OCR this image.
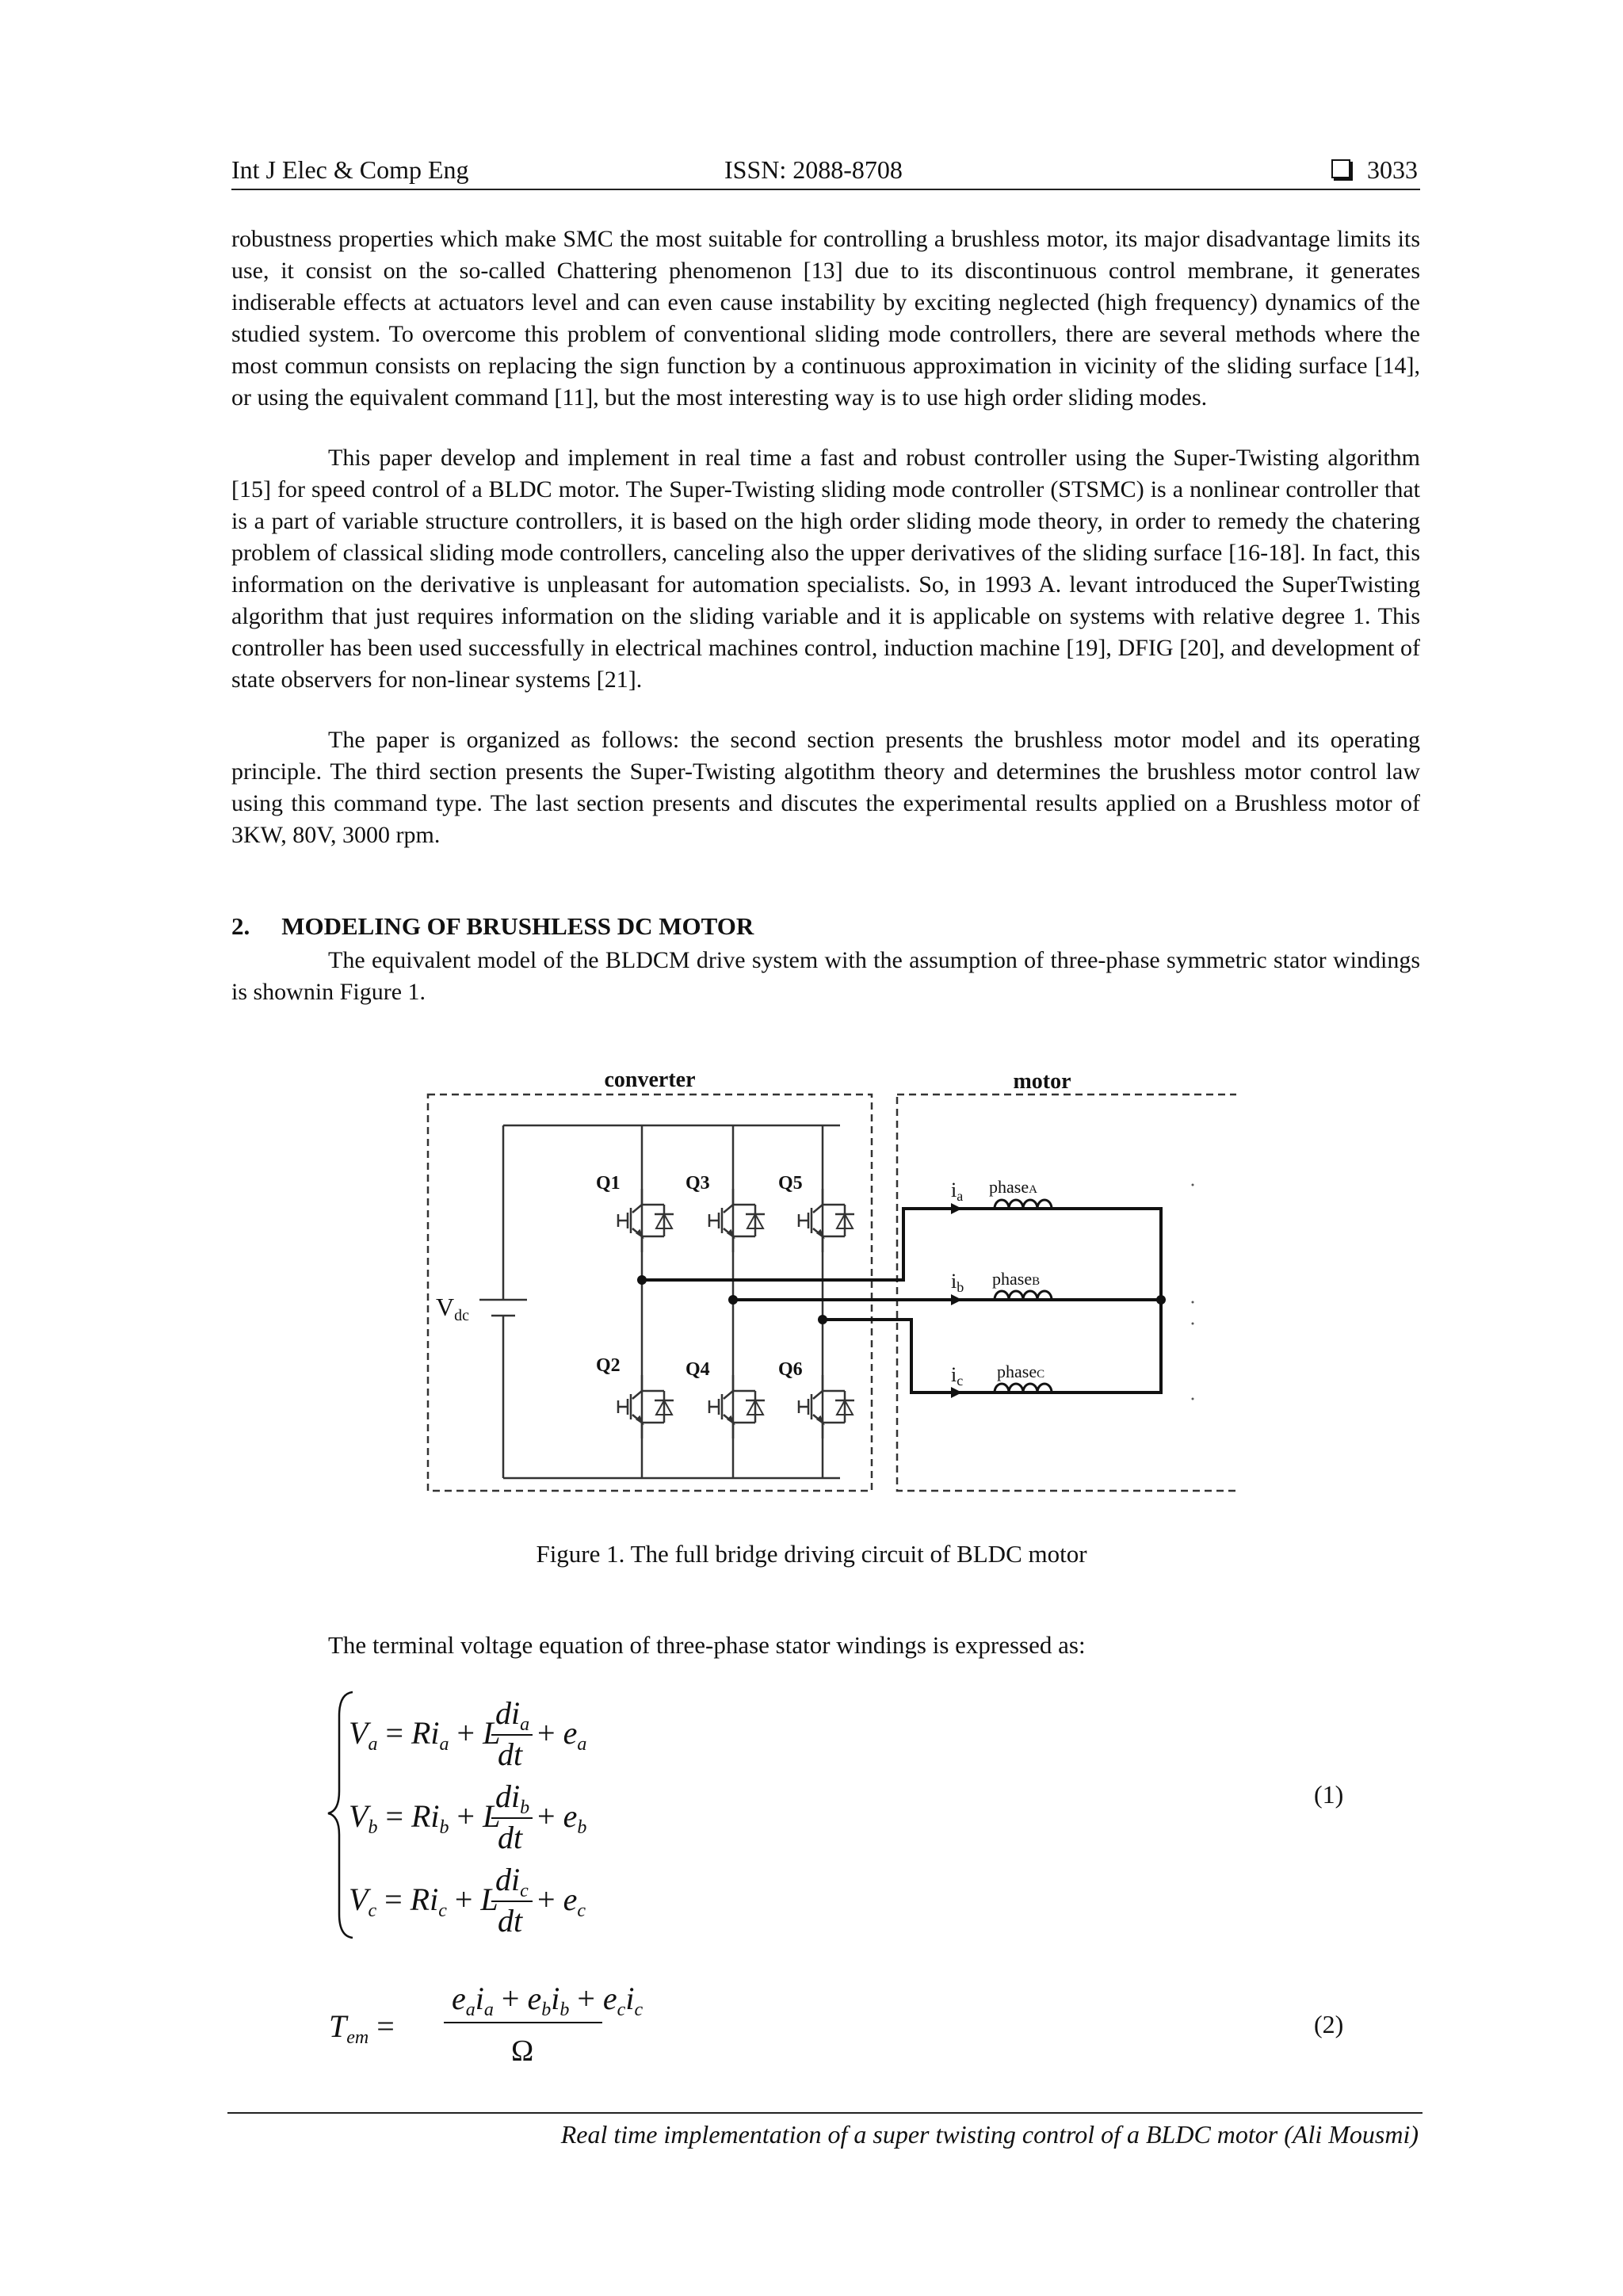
Int J Elec & Comp Eng	ISSN: 2088-8708	3033
robustness properties which make SMC the most suitable for controlling a brushless motor, its major disadvantage limits its use, it consist on the so-called Chattering phenomenon [13] due to its discontinuous control membrane, it generates indiserable effects at actuators level and can even cause instability by exciting neglected (high frequency) dynamics of the studied system. To overcome this problem of conventional sliding mode controllers, there are several methods where the most commun consists on replacing the sign function by a continuous approximation in vicinity of the sliding surface [14], or using the equivalent command [11], but the most interesting way is to use high order sliding modes.
This paper develop and implement in real time a fast and robust controller using the Super-Twisting algorithm [15] for speed control of a BLDC motor. The Super-Twisting sliding mode controller (STSMC) is a nonlinear controller that is a part of variable structure controllers, it is based on the high order sliding mode theory, in order to remedy the chatering problem of classical sliding mode controllers, canceling also the upper derivatives of the sliding surface [16-18]. In fact, this information on the derivative is unpleasant for automation specialists. So, in 1993 A. levant introduced the SuperTwisting algorithm that just requires information on the sliding variable and it is applicable on systems with relative degree 1. This controller has been used successfully in electrical machines control, induction machine [19], DFIG [20], and development of state observers for non-linear systems [21].
The paper is organized as follows: the second section presents the brushless motor model and its operating principle. The third section presents the Super-Twisting algotithm theory and determines the brushless motor control law using this command type. The last section presents and discutes the experimental results applied on a Brushless motor of 3KW, 80V, 3000 rpm.
2. MODELING OF BRUSHLESS DC MOTOR
The equivalent model of the BLDCM drive system with the assumption of three-phase symmetric stator windings is shownin Figure 1.
converter	motor
Vdc
Q1	Q3	Q5
Q2	Q4	Q6
ia
ib
ic
phaseA
phaseB
phaseC
Figure 1. The full bridge driving circuit of BLDC motor
The terminal voltage equation of three-phase stator windings is expressed as:
$V_a = Ri_a + L$
$di_a$
dt
+ $e_a$
$V_b = Ri_b + L$
$di_b$
dt
+ $e_b$
$V_c = Ri_c + L$
$di_c$
dt
+ $e_c$
(1)
$T_{em}$ =
$e_ai_a + e_bi_b + e_ci_c$
Ω
(2)
Real time implementation of a super twisting control of a BLDC motor (Ali Mousmi)
